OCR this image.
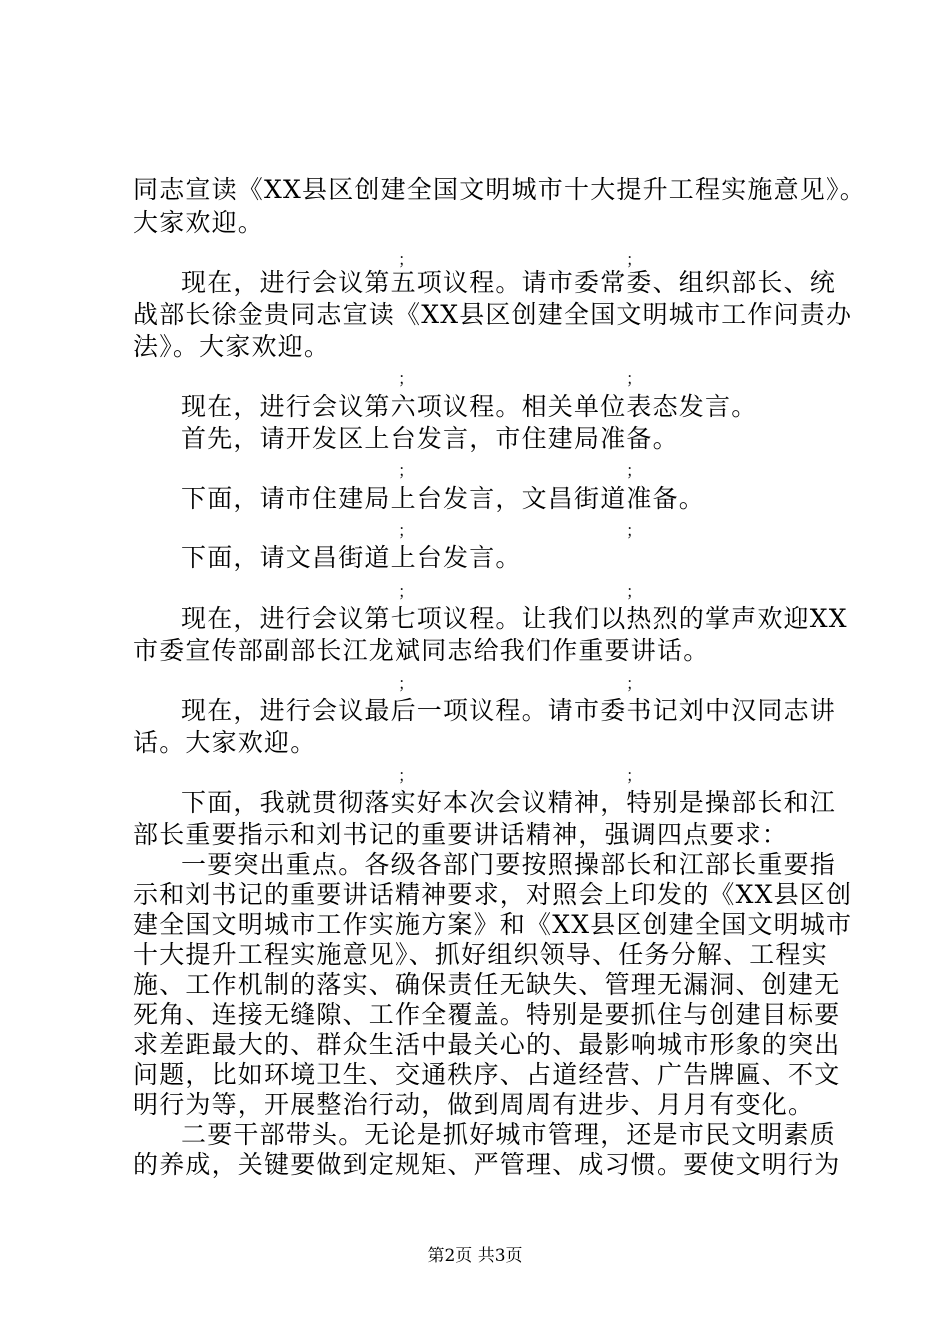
同志宣读《XX县区创建全国文明城市十大提升工程实施意见》。
大家欢迎。
；	；
现在，进行会议第五项议程。请市委常委、组织部长、统
战部长徐金贵同志宣读《XX县区创建全国文明城市工作问责办
法》。大家欢迎。
；	；
现在，进行会议第六项议程。相关单位表态发言。
首先，请开发区上台发言，市住建局准备。
；	；
下面，请市住建局上台发言，文昌街道准备。
；	；
下面，请文昌街道上台发言。
；	；
现在，进行会议第七项议程。让我们以热烈的掌声欢迎XX
市委宣传部副部长江龙斌同志给我们作重要讲话。
；	；
现在，进行会议最后一项议程。请市委书记刘中汉同志讲
话。大家欢迎。
；	；
下面，我就贯彻落实好本次会议精神，特别是操部长和江
部长重要指示和刘书记的重要讲话精神，强调四点要求：
一要突出重点。各级各部门要按照操部长和江部长重要指
示和刘书记的重要讲话精神要求，对照会上印发的《XX县区创
建全国文明城市工作实施方案》和《XX县区创建全国文明城市
十大提升工程实施意见》、抓好组织领导、任务分解、工程实
施、工作机制的落实、确保责任无缺失、管理无漏洞、创建无
死角、连接无缝隙、工作全覆盖。特别是要抓住与创建目标要
求差距最大的、群众生活中最关心的、最影响城市形象的突出
问题，比如环境卫生、交通秩序、占道经营、广告牌匾、不文
明行为等，开展整治行动，做到周周有进步、月月有变化。
二要干部带头。无论是抓好城市管理，还是市民文明素质
的养成，关键要做到定规矩、严管理、成习惯。要使文明行为
第2页 共3页
